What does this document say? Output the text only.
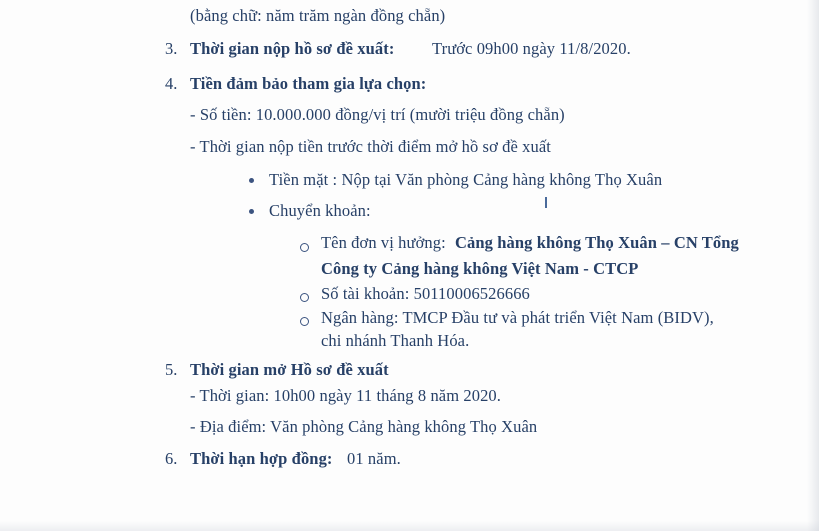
(bằng chữ: năm trăm ngàn đồng chẵn)
3. Thời gian nộp hồ sơ đề xuất: Trước 09h00 ngày 11/8/2020.
4. Tiền đảm bảo tham gia lựa chọn:
- Số tiền: 10.000.000 đồng/vị trí (mười triệu đồng chẵn)
- Thời gian nộp tiền trước thời điểm mở hồ sơ đề xuất
Tiền mặt : Nộp tại Văn phòng Cảng hàng không Thọ Xuân
Chuyển khoản:
Tên đơn vị hưởng: Cảng hàng không Thọ Xuân – CN Tổng
Công ty Cảng hàng không Việt Nam - CTCP
Số tài khoản: 50110006526666
Ngân hàng: TMCP Đầu tư và phát triển Việt Nam (BIDV),
chi nhánh Thanh Hóa.
5. Thời gian mở Hồ sơ đề xuất
- Thời gian: 10h00 ngày 11 tháng 8 năm 2020.
- Địa điểm: Văn phòng Cảng hàng không Thọ Xuân
6. Thời hạn hợp đồng: 01 năm.
